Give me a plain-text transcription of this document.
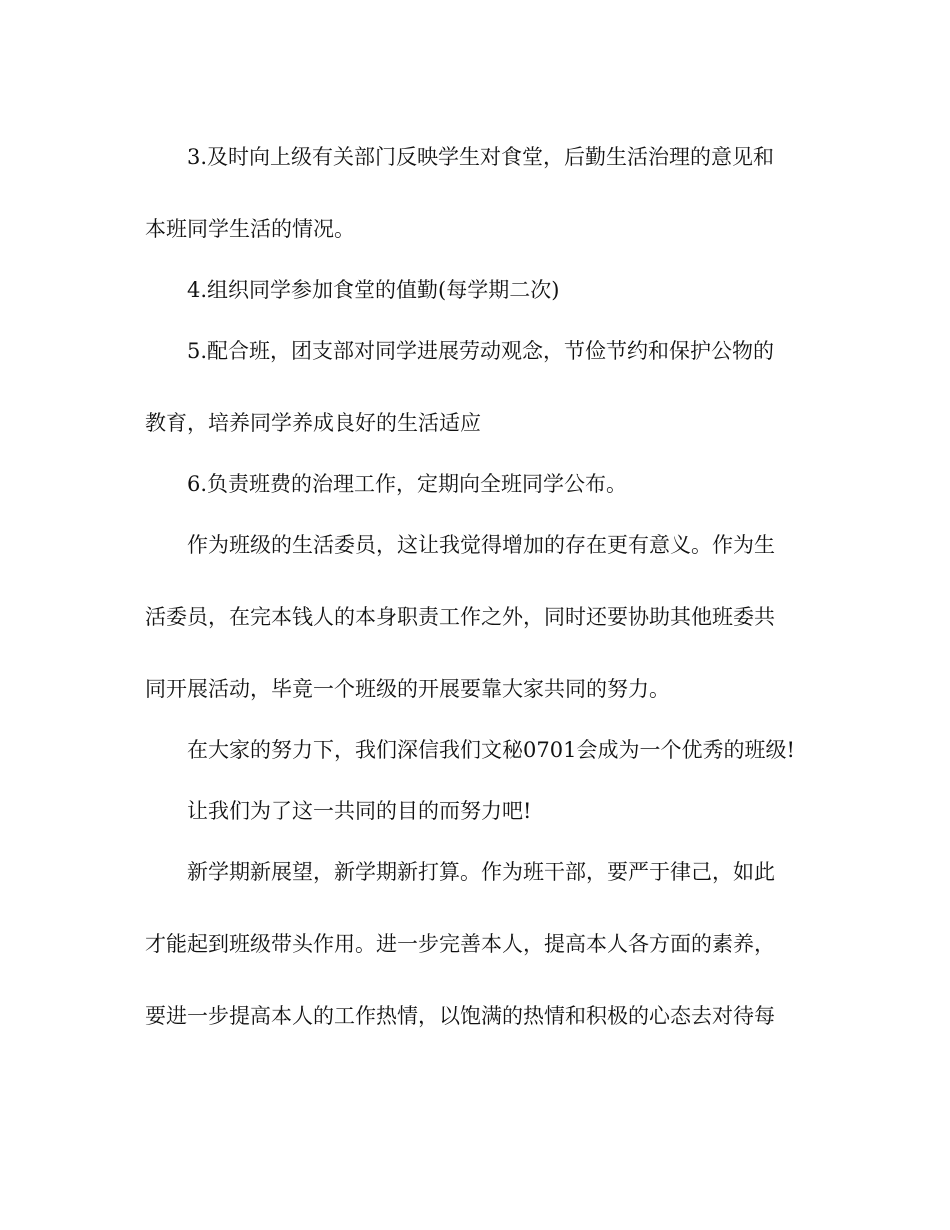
3.及时向上级有关部门反映学生对食堂，后勤生活治理的意见和
本班同学生活的情况。
4.组织同学参加食堂的值勤(每学期二次)
5.配合班，团支部对同学进展劳动观念，节俭节约和保护公物的
教育，培养同学养成良好的生活适应
6.负责班费的治理工作，定期向全班同学公布。
作为班级的生活委员，这让我觉得增加的存在更有意义。作为生
活委员，在完本钱人的本身职责工作之外，同时还要协助其他班委共
同开展活动，毕竟一个班级的开展要靠大家共同的努力。
在大家的努力下，我们深信我们文秘0701会成为一个优秀的班级!
让我们为了这一共同的目的而努力吧!
新学期新展望，新学期新打算。作为班干部，要严于律己，如此
才能起到班级带头作用。进一步完善本人，提高本人各方面的素养，
要进一步提高本人的工作热情，以饱满的热情和积极的心态去对待每
